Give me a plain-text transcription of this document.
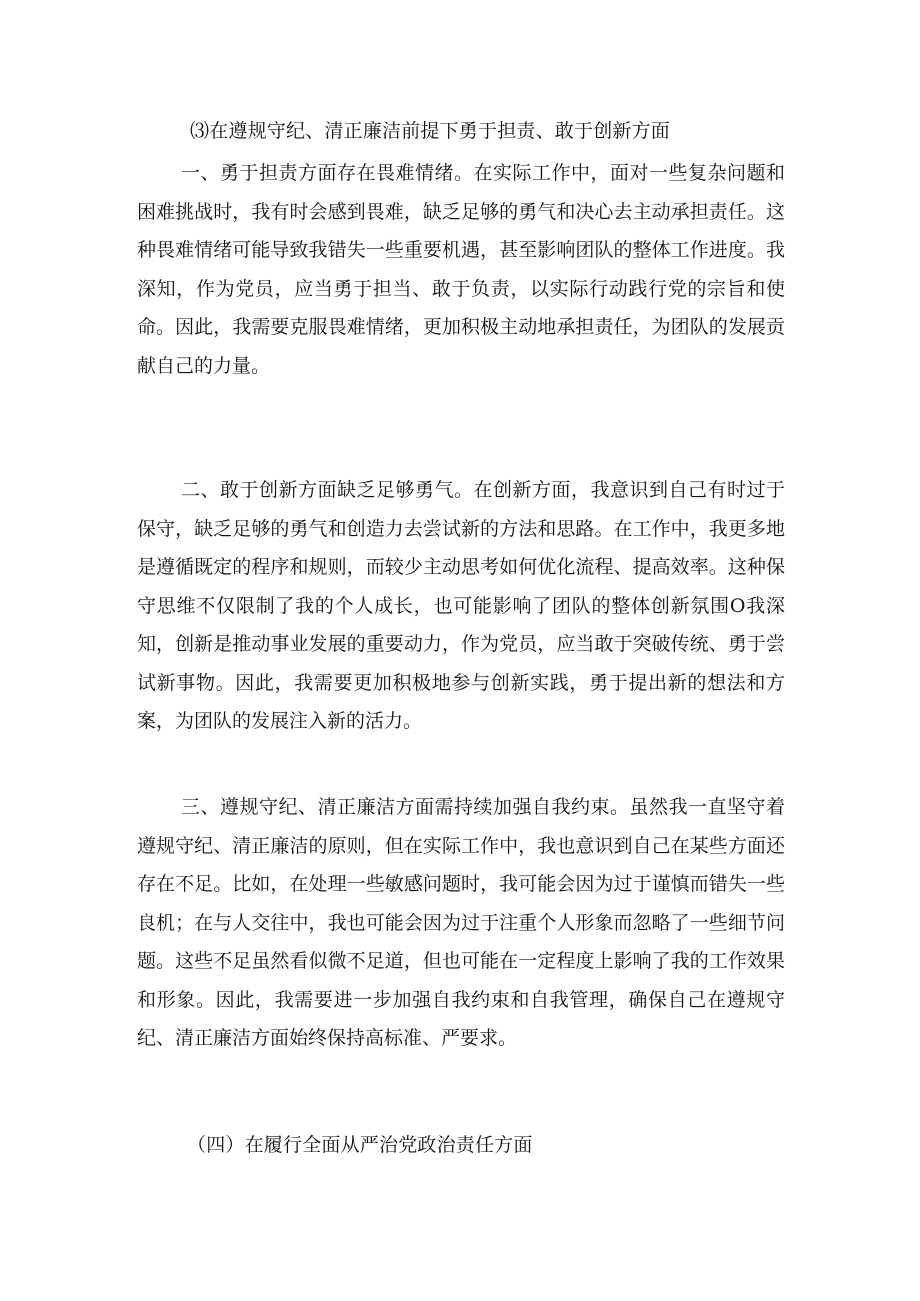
⑶在遵规守纪、清正廉洁前提下勇于担责、敢于创新方面

一、勇于担责方面存在畏难情绪。在实际工作中，面对一些复杂问题和困难挑战时，我有时会感到畏难，缺乏足够的勇气和决心去主动承担责任。这种畏难情绪可能导致我错失一些重要机遇，甚至影响团队的整体工作进度。我深知，作为党员，应当勇于担当、敢于负责，以实际行动践行党的宗旨和使命。因此，我需要克服畏难情绪，更加积极主动地承担责任，为团队的发展贡献自己的力量。

二、敢于创新方面缺乏足够勇气。在创新方面，我意识到自己有时过于保守，缺乏足够的勇气和创造力去尝试新的方法和思路。在工作中，我更多地是遵循既定的程序和规则，而较少主动思考如何优化流程、提高效率。这种保守思维不仅限制了我的个人成长，也可能影响了团队的整体创新氛围O我深知，创新是推动事业发展的重要动力，作为党员，应当敢于突破传统、勇于尝试新事物。因此，我需要更加积极地参与创新实践，勇于提出新的想法和方案，为团队的发展注入新的活力。

三、遵规守纪、清正廉洁方面需持续加强自我约束。虽然我一直坚守着遵规守纪、清正廉洁的原则，但在实际工作中，我也意识到自己在某些方面还存在不足。比如，在处理一些敏感问题时，我可能会因为过于谨慎而错失一些良机；在与人交往中，我也可能会因为过于注重个人形象而忽略了一些细节问题。这些不足虽然看似微不足道，但也可能在一定程度上影响了我的工作效果和形象。因此，我需要进一步加强自我约束和自我管理，确保自己在遵规守纪、清正廉洁方面始终保持高标准、严要求。

（四）在履行全面从严治党政治责任方面
